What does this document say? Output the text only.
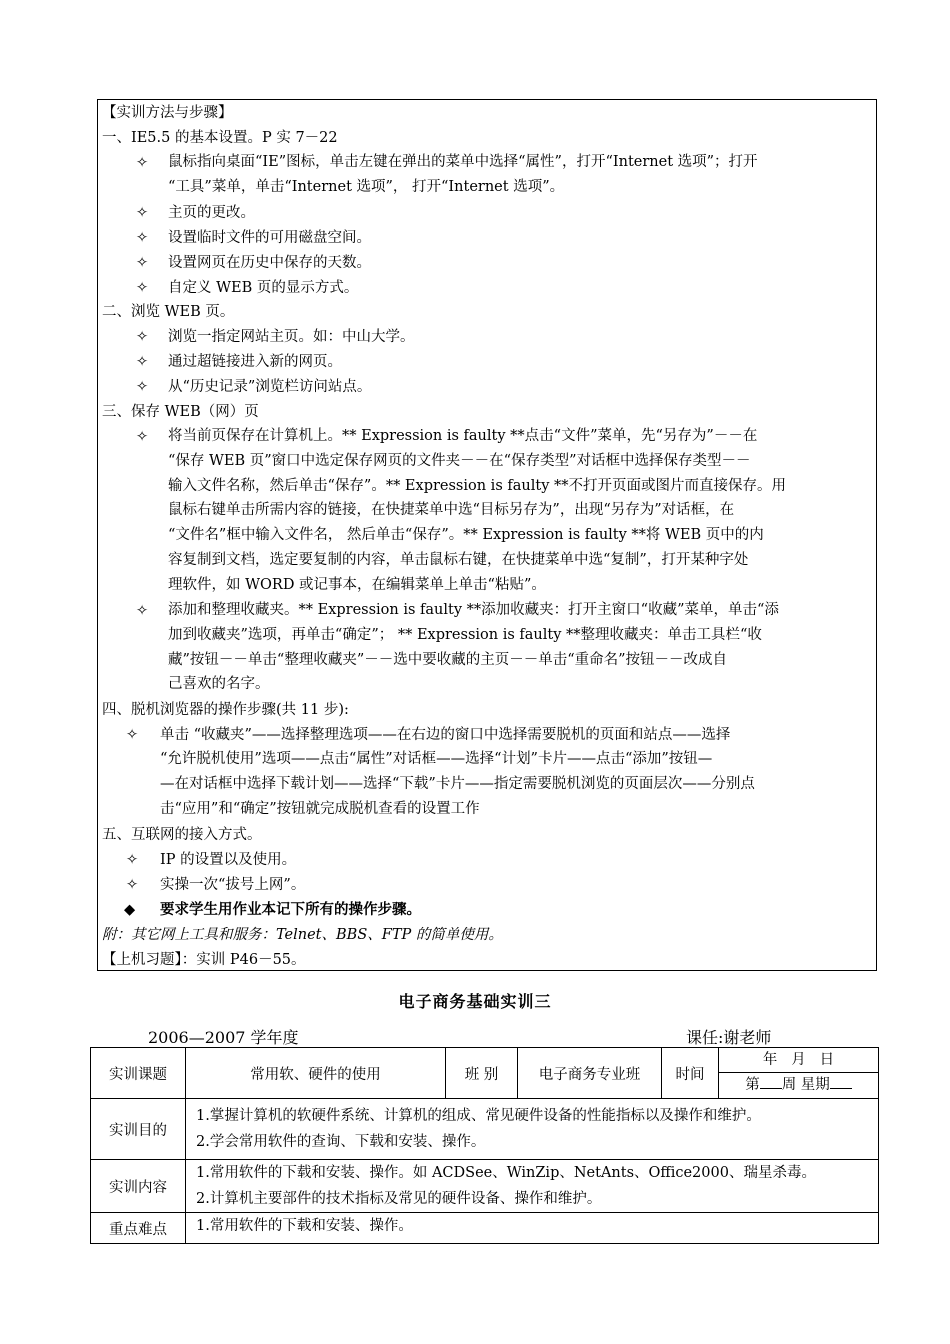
【实训方法与步骤】
一、IE5.5 的基本设置。P 实 7－22
✧ 鼠标指向桌面“IE”图标，单击左键在弹出的菜单中选择“属性”，打开“Internet 选项”；打开
“工具”菜单，单击“Internet 选项”， 打开“Internet 选项”。
✧ 主页的更改。
✧ 设置临时文件的可用磁盘空间。
✧ 设置网页在历史中保存的天数。
✧ 自定义 WEB 页的显示方式。
二、浏览 WEB 页。
✧ 浏览一指定网站主页。如：中山大学。
✧ 通过超链接进入新的网页。
✧ 从“历史记录”浏览栏访问站点。
三、保存 WEB（网）页
✧ 将当前页保存在计算机上。** Expression is faulty **点击“文件”菜单，先“另存为”－－在
“保存 WEB 页”窗口中选定保存网页的文件夹－－在“保存类型”对话框中选择保存类型－－
输入文件名称，然后单击“保存”。** Expression is faulty **不打开页面或图片而直接保存。用
鼠标右键单击所需内容的链接，在快捷菜单中选“目标另存为”，出现“另存为”对话框，在
“文件名”框中输入文件名， 然后单击“保存”。** Expression is faulty **将 WEB 页中的内
容复制到文档，选定要复制的内容，单击鼠标右键，在快捷菜单中选“复制”，打开某种字处
理软件，如 WORD 或记事本，在编辑菜单上单击“粘贴”。
✧ 添加和整理收藏夹。** Expression is faulty **添加收藏夹：打开主窗口“收藏”菜单，单击“添
加到收藏夹”选项，再单击“确定”； ** Expression is faulty **整理收藏夹：单击工具栏“收
藏”按钮－－单击“整理收藏夹”－－选中要收藏的主页－－单击“重命名”按钮－－改成自
己喜欢的名字。
四、脱机浏览器的操作步骤(共 11 步):
✧ 单击 “收藏夹”——选择整理选项——在右边的窗口中选择需要脱机的页面和站点——选择
“允许脱机使用”选项——点击“属性”对话框——选择“计划”卡片——点击“添加”按钮—
—在对话框中选择下载计划——选择“下载”卡片——指定需要脱机浏览的页面层次——分别点
击“应用”和“确定”按钮就完成脱机查看的设置工作
五、互联网的接入方式。
✧ IP 的设置以及使用。
✧ 实操一次“拔号上网”。
◆ 要求学生用作业本记下所有的操作步骤。
附：其它网上工具和服务：Telnet、BBS、FTP 的简单使用。
【上机习题】：实训 P46－55。
电子商务基础实训三
2006—2007 学年度	课任:谢老师
实训课题	常用软、硬件的使用	班 别	电子商务专业班	时间	年   月   日
第 周 星期

实训目的	1.掌握计算机的软硬件系统、计算机的组成、常见硬件设备的性能指标以及操作和维护。
2.学会常用软件的查询、下载和安装、操作。				

实训内容	1.常用软件的下载和安装、操作。如 ACDSee、WinZip、NetAnts、Office2000、瑞星杀毒。
2.计算机主要部件的技术指标及常见的硬件设备、操作和维护。				

重点难点	1.常用软件的下载和安装、操作。				
